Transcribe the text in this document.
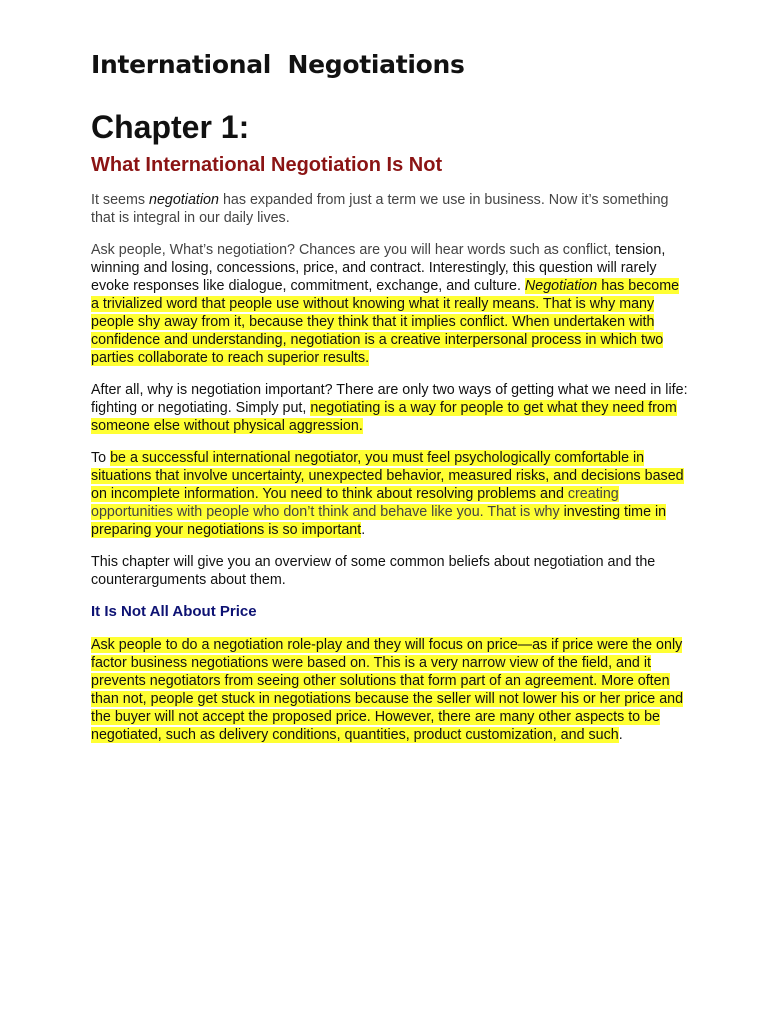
International Negotiations
Chapter 1:
What International Negotiation Is Not

It seems negotiation has expanded from just a term we use in business. Now it’s something that is integral in our daily lives.

Ask people, What’s negotiation? Chances are you will hear words such as conflict, tension, winning and losing, concessions, price, and contract. Interestingly, this question will rarely evoke responses like dialogue, commitment, exchange, and culture. Negotiation has become a trivialized word that people use without knowing what it really means. That is why many people shy away from it, because they think that it implies conflict. When undertaken with confidence and understanding, negotiation is a creative interpersonal process in which two parties collaborate to reach superior results.

After all, why is negotiation important? There are only two ways of getting what we need in life: fighting or negotiating. Simply put, negotiating is a way for people to get what they need from someone else without physical aggression.

To be a successful international negotiator, you must feel psychologically comfortable in situations that involve uncertainty, unexpected behavior, measured risks, and decisions based on incomplete information. You need to think about resolving problems and creating opportunities with people who don’t think and behave like you. That is why investing time in preparing your negotiations is so important.

This chapter will give you an overview of some common beliefs about negotiation and the counterarguments about them.

It Is Not All About Price

Ask people to do a negotiation role-play and they will focus on price—as if price were the only factor business negotiations were based on. This is a very narrow view of the field, and it prevents negotiators from seeing other solutions that form part of an agreement. More often than not, people get stuck in negotiations because the seller will not lower his or her price and the buyer will not accept the proposed price. However, there are many other aspects to be negotiated, such as delivery conditions, quantities, product customization, and such.
